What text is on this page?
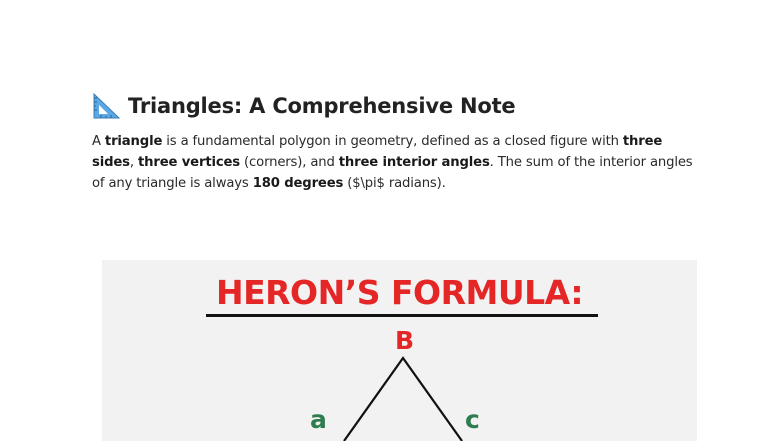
Triangles: A Comprehensive Note

A triangle is a fundamental polygon in geometry, defined as a closed figure with three sides, three vertices (corners), and three interior angles. The sum of the interior angles of any triangle is always 180 degrees ($\pi$ radians).

HERON’S FORMULA:
B
a	c
